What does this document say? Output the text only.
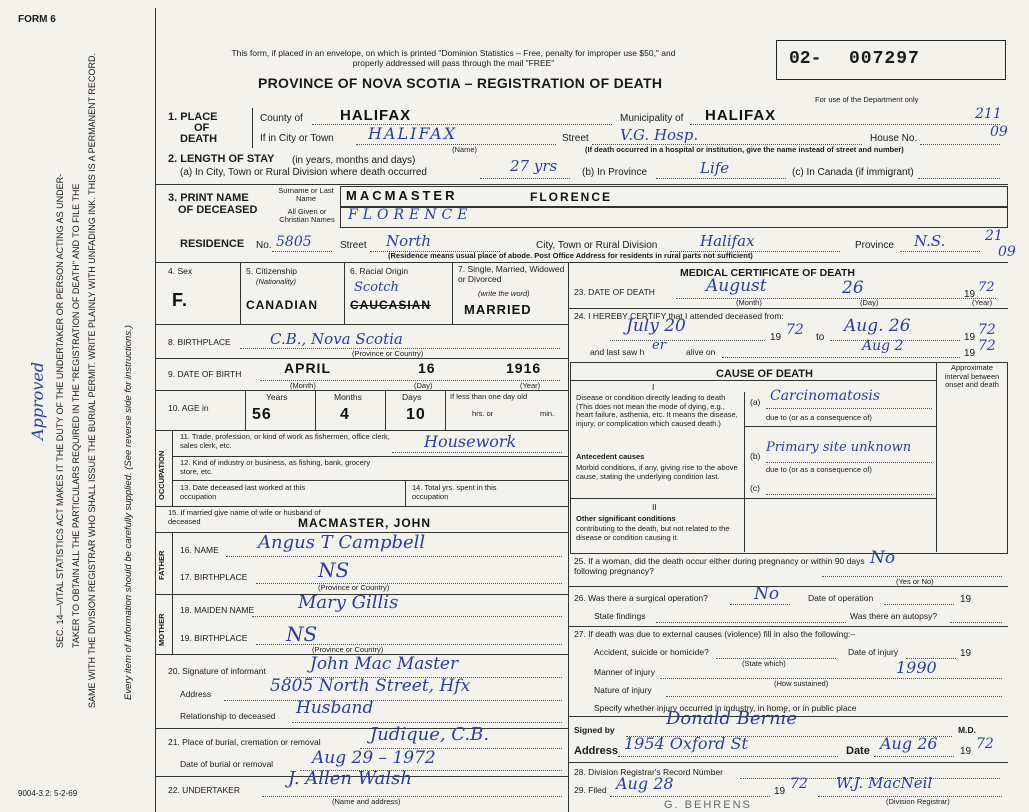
FORM 6
This form, if placed in an envelope, on which is printed "Dominion Statistics – Free, penalty for improper use $50," and properly addressed will pass through the mail "FREE"
PROVINCE OF NOVA SCOTIA – REGISTRATION OF DEATH
02- 007297
For use of the Department only
211
09
21
09
SEC. 14—VITAL STATISTICS ACT MAKES IT THE DUTY OF THE UNDERTAKER OR PERSON ACTING AS UNDER- TAKER TO OBTAIN ALL THE PARTICULARS REQUIRED IN THE "REGISTRATION OF DEATH" AND TO FILE THE SAME WITH THE DIVISION REGISTRAR WHO SHALL ISSUE THE BURIAL PERMIT. WRITE PLAINLY WITH UNFADING INK. THIS IS A PERMANENT RECORD.	Every item of information should be carefully supplied. (See reverse side for instructions.)
Approved
9004-3.2: 5-2-69
1. PLACE
OF
DEATH
County of HALIFAX	Municipality of HALIFAX
If in City or Town HALIFAX
(Name)
Street V.G. Hosp.	House No.
(If death occurred in a hospital or institution, give the name instead of street and number)
2. LENGTH OF STAY (in years, months and days)
(a) In City, Town or Rural Division where death occurred	27 yrs (b) In Province	Life	(c) In Canada (if immigrant)
3. PRINT NAME
OF DECEASED
Surname or Last Name
All Given or Christian Names
MACMASTER	FLORENCE
FLORENCE
RESIDENCE No. 5805	Street North	City, Town or Rural Division	Halifax	Province N.S.
(Residence means usual place of abode. Post Office Address for residents in rural parts not sufficient)
4. Sex	5. Citizenship
(Nationality)
6. Racial Origin	7. Single, Married, Widowed or Divorced
(write the word)
F.	CANADIAN
Scotch
CAUCASIAN	MARRIED
8. BIRTHPLACE	C.B., Nova Scotia
(Province or Country)
9. DATE OF BIRTH	APRIL	16	1916
(Month)	(Day)	(Year)
10. AGE in
Years	Months	Days	If less than one day old
hrs. or	min.
56	4	10
OCCUPATION
11. Trade, profession, or kind of work as fishermen, office clerk, sales clerk, etc.	Housework
12. Kind of industry or business, as fishing, bank, grocery store, etc.
13. Date deceased last worked at this occupation
14. Total yrs. spent in this occupation
15. If married give name of wife or husband of deceased	MACMASTER, JOHN
FATHER
16. NAME Angus T Campbell
17. BIRTHPLACE	NS
(Province or Country)
MOTHER
18. MAIDEN NAME Mary Gillis
19. BIRTHPLACE NS
(Province or Country)
20. Signature of informant	John Mac Master
Address	5805 North Street, Hfx
Relationship to deceased Husband
21. Place of burial, cremation or removal	Judique, C.B.
Date of burial or removal Aug 29 – 1972
22. UNDERTAKER
J. Allen Walsh
(Name and address)
MEDICAL CERTIFICATE OF DEATH
23. DATE OF DEATH	August	26	19 72
(Month)	(Day)	(Year)
24. I HEREBY CERTIFY that I attended deceased from:
July 20
19 72 to
Aug. 26
19 72
and last saw h er alive on	Aug 2	19 72
CAUSE OF DEATH
Approximate interval between onset and death
I
Disease or condition directly leading to death (This does not mean the mode of dying, e.g., heart failure, asthenia, etc. It means the disease, injury, or complication which caused death.)
(a) Carcinomatosis
due to (or as a consequence of)
Antecedent causes
Morbid conditions, if any, giving rise to the above cause, stating the underlying condition last.
(b)
Primary site unknown
due to (or as a consequence of)
(c)
II
Other significant conditions
contributing to the death, but not related to the disease or condition causing it.
25. If a woman, did the death occur either during pregnancy or within 90 days following pregnancy?
No
(Yes or No)
26. Was there a surgical operation?	No	Date of operation	19
State findings	Was there an autopsy?
27. If death was due to external causes (violence) fill in also the following:–
Accident, suicide or homicide?
(State which)
Date of injury	19
Manner of injury	1990
(How sustained)
Nature of injury
Specify whether injury occurred in industry, in home, or in public place
Signed by
Donald Bernie
M.D.
Address 1954 Oxford St	Date Aug 26 19 72
28. Division Registrar's Record Number
29. Filed Aug 28	19 72 W.J. MacNeil
(Division Registrar)
G. BEHRENS
